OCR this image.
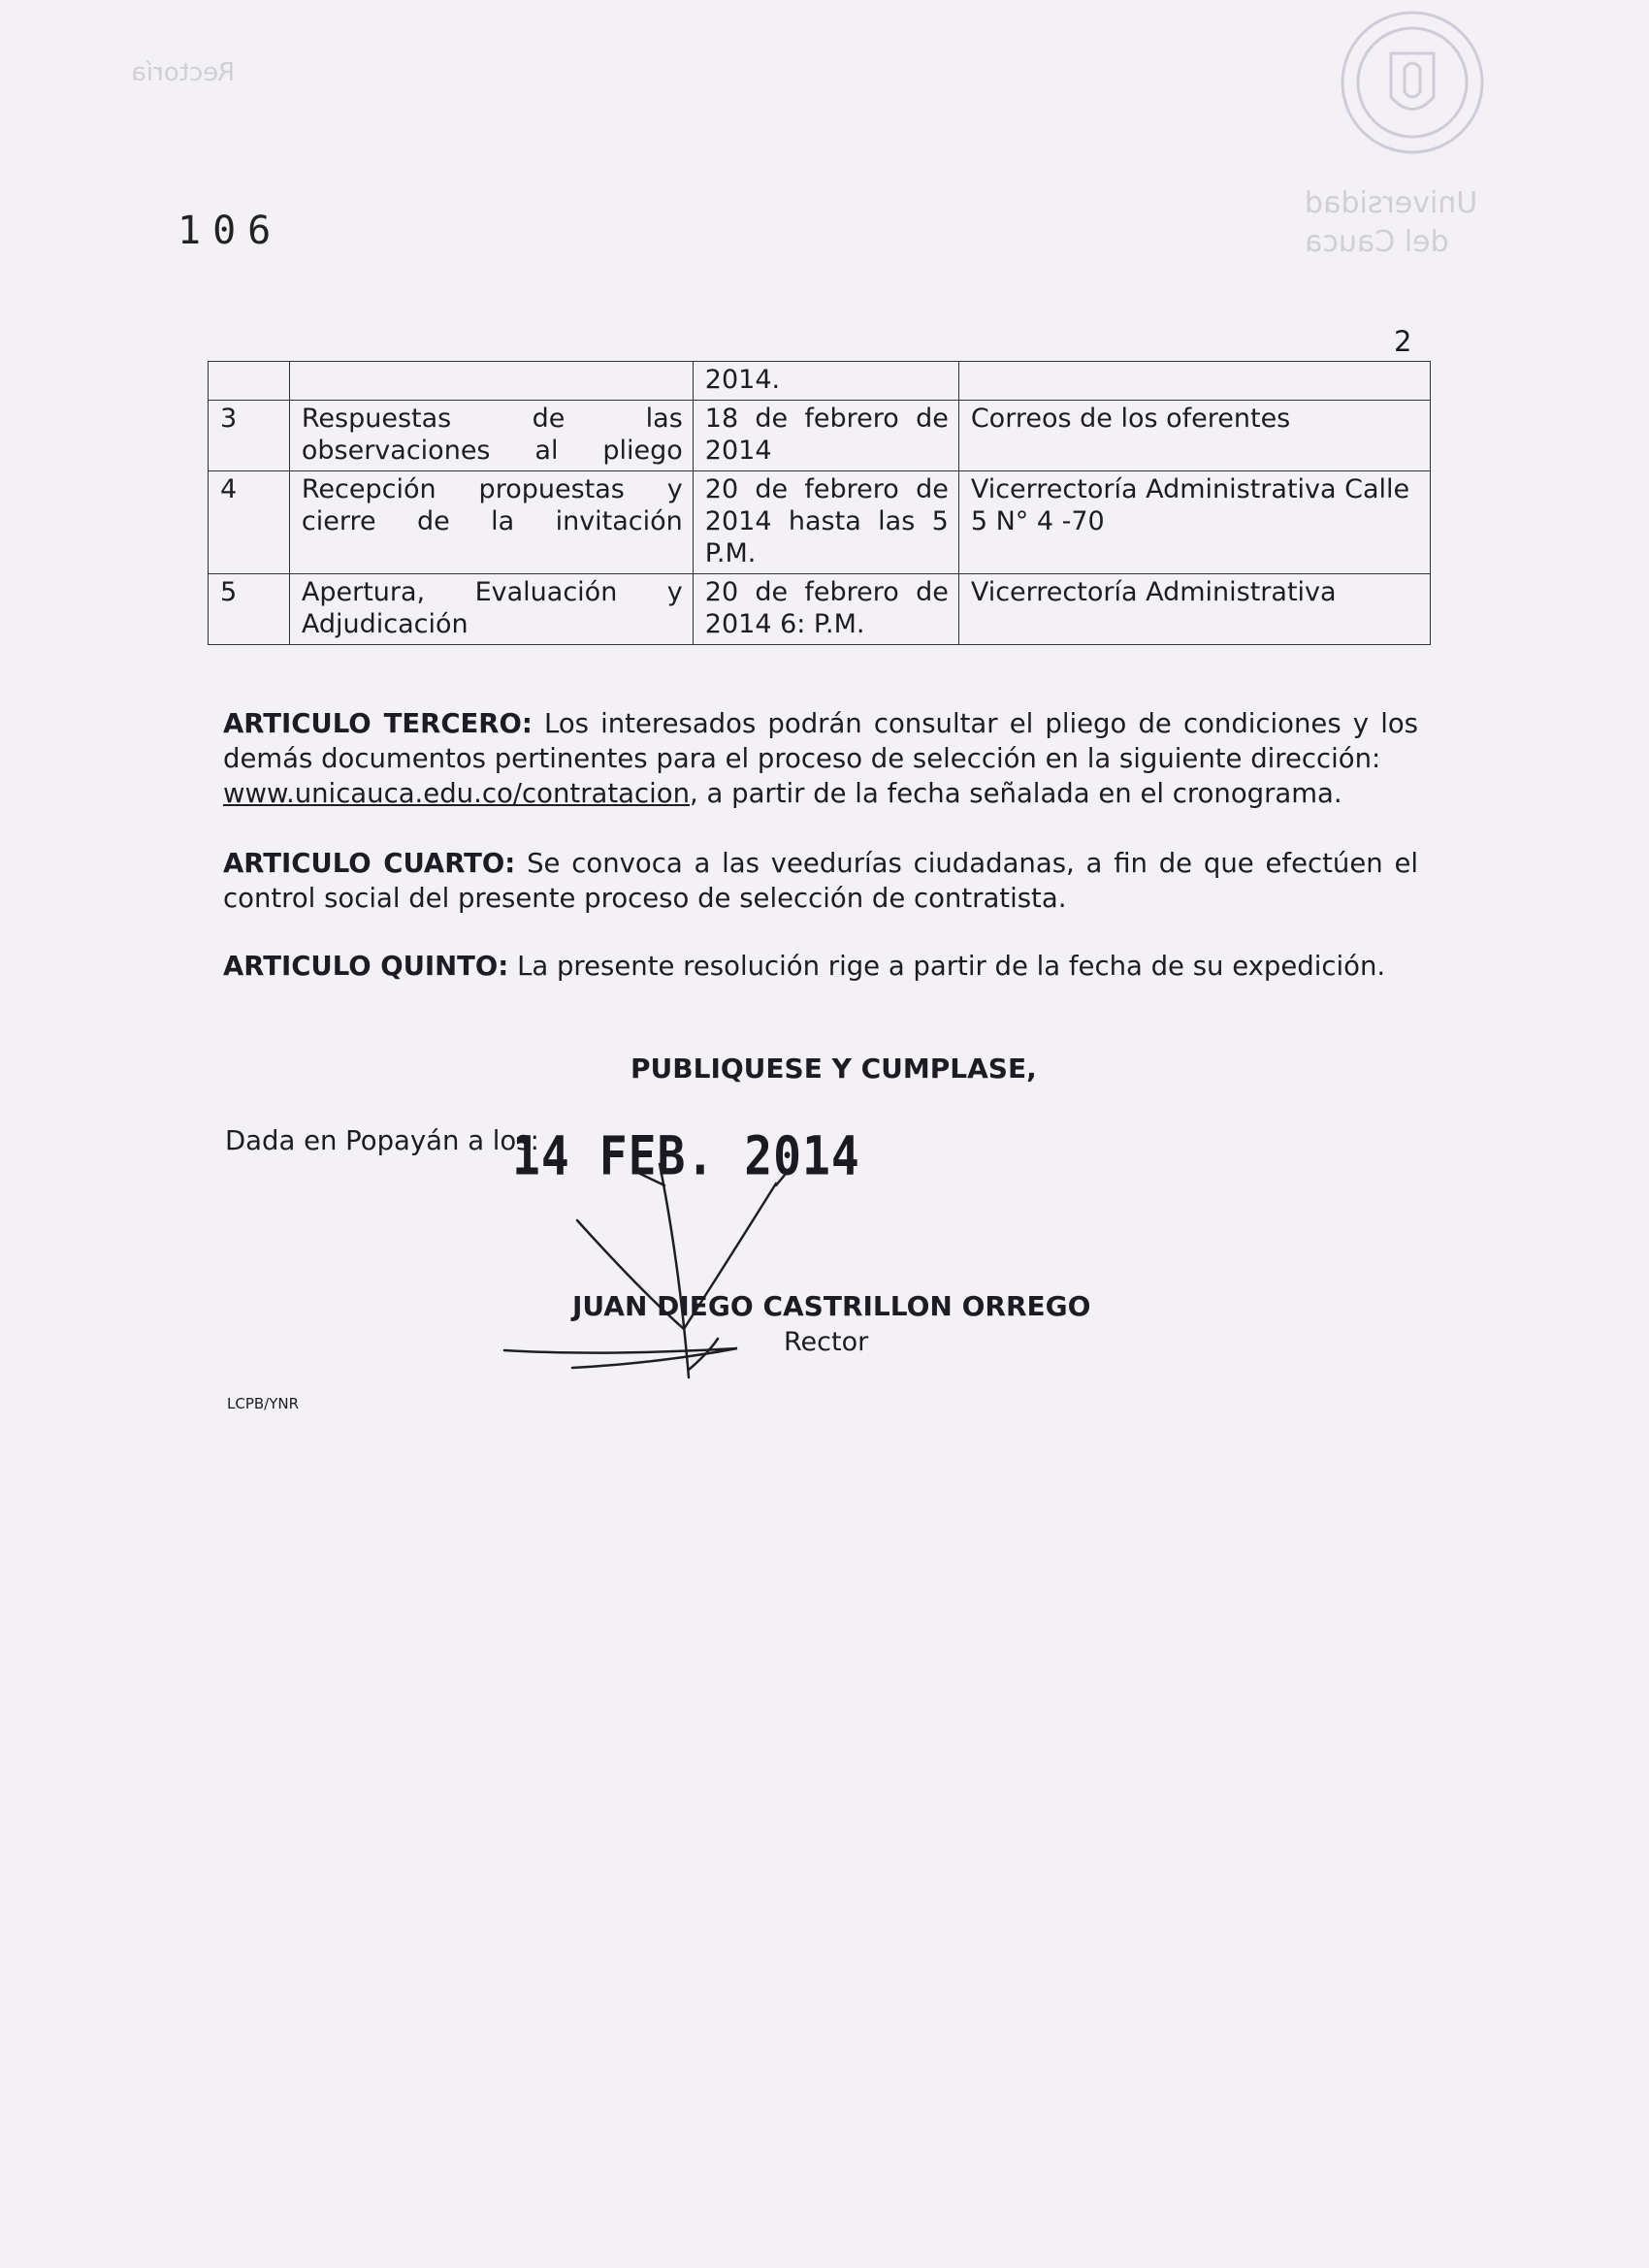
Rectoría
Universidad
del Cauca
106
2
		2014.	
3	Respuestas de las observaciones al pliego	18 de febrero de 2014	Correos de los oferentes
4	Recepción propuestas y cierre de la invitación	20 de febrero de 2014 hasta las 5 P.M.	Vicerrectoría Administrativa Calle 5 N° 4 -70
5	Apertura, Evaluación y Adjudicación	20 de febrero de 2014 6: P.M.	Vicerrectoría Administrativa
ARTICULO TERCERO: Los interesados podrán consultar el pliego de condiciones y los demás documentos pertinentes para el proceso de selección en la siguiente dirección:
www.unicauca.edu.co/contratacion, a partir de la fecha señalada en el cronograma.
ARTICULO CUARTO: Se convoca a las veedurías ciudadanas, a fin de que efectúen el control social del presente proceso de selección de contratista.
ARTICULO QUINTO: La presente resolución rige a partir de la fecha de su expedición.
PUBLIQUESE Y CUMPLASE,
Dada en Popayán a los:
14 FEB. 2014
JUAN DIEGO CASTRILLON ORREGO
Rector
LCPB/YNR
